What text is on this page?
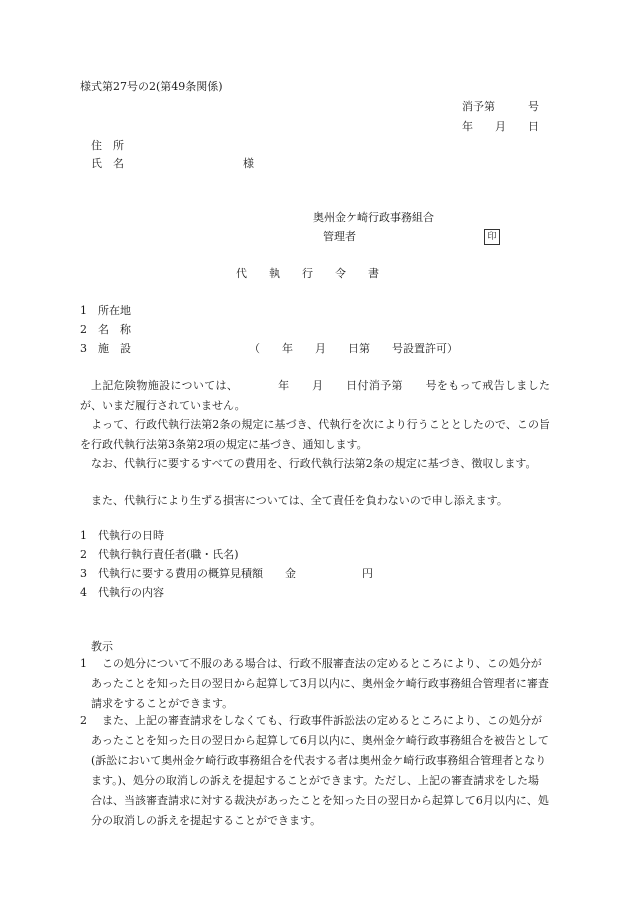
様式第27号の2(第49条関係)
消予第　　　号
年　　月　　日
住　所
氏　名	様
奥州金ケ崎行政事務組合
管理者	印
代　　執　　行　　令　　書
1 所在地
2 名　称
3 施　設	（　　年　　月　　日第　　号設置許可）
上記危険物施設については、　　　　年　　月　　日付消予第　　号をもって戒告しましたが、いまだ履行されていません。
よって、行政代執行法第2条の規定に基づき、代執行を次により行うこととしたので、この旨を行政代執行法第3条第2項の規定に基づき、通知します。
なお、代執行に要するすべての費用を、行政代執行法第2条の規定に基づき、徴収します。
また、代執行により生ずる損害については、全て責任を負わないので申し添えます。
1 代執行の日時
2 代執行執行責任者(職・氏名)
3 代執行に要する費用の概算見積額　　金　　　　　　円
4 代執行の内容
教示
1	この処分について不服のある場合は、行政不服審査法の定めるところにより、この処分があったことを知った日の翌日から起算して3月以内に、奥州金ケ崎行政事務組合管理者に審査請求をすることができます。
2	また、上記の審査請求をしなくても、行政事件訴訟法の定めるところにより、この処分があったことを知った日の翌日から起算して6月以内に、奥州金ケ崎行政事務組合を被告として(訴訟において奥州金ケ崎行政事務組合を代表する者は奥州金ケ崎行政事務組合管理者となります。)、処分の取消しの訴えを提起することができます。ただし、上記の審査請求をした場合は、当該審査請求に対する裁決があったことを知った日の翌日から起算して6月以内に、処分の取消しの訴えを提起することができます。
